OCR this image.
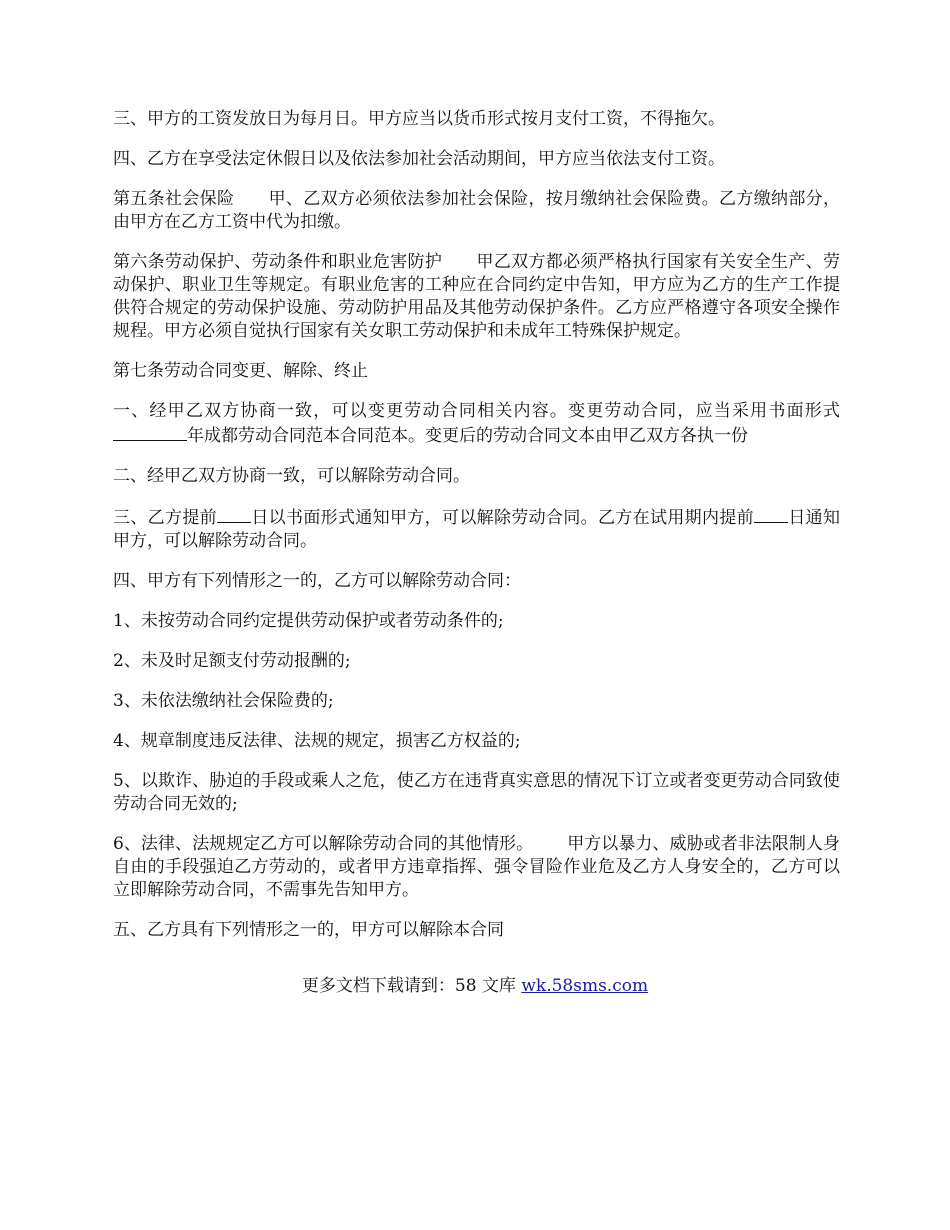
三、甲方的工资发放日为每月日。甲方应当以货币形式按月支付工资，不得拖欠。

四、乙方在享受法定休假日以及依法参加社会活动期间，甲方应当依法支付工资。

第五条社会保险 甲、乙双方必须依法参加社会保险，按月缴纳社会保险费。乙方缴纳部分，由甲方在乙方工资中代为扣缴。

第六条劳动保护、劳动条件和职业危害防护 甲乙双方都必须严格执行国家有关安全生产、劳动保护、职业卫生等规定。有职业危害的工种应在合同约定中告知，甲方应为乙方的生产工作提供符合规定的劳动保护设施、劳动防护用品及其他劳动保护条件。乙方应严格遵守各项安全操作规程。甲方必须自觉执行国家有关女职工劳动保护和未成年工特殊保护规定。

第七条劳动合同变更、解除、终止

一、经甲乙双方协商一致，可以变更劳动合同相关内容。变更劳动合同，应当采用书面形式年成都劳动合同范本合同范本。变更后的劳动合同文本由甲乙双方各执一份

二、经甲乙双方协商一致，可以解除劳动合同。

三、乙方提前 日以书面形式通知甲方，可以解除劳动合同。乙方在试用期内提前 日通知甲方，可以解除劳动合同。

四、甲方有下列情形之一的，乙方可以解除劳动合同：

1、未按劳动合同约定提供劳动保护或者劳动条件的;

2、未及时足额支付劳动报酬的;

3、未依法缴纳社会保险费的;

4、规章制度违反法律、法规的规定，损害乙方权益的;

5、以欺诈、胁迫的手段或乘人之危，使乙方在违背真实意思的情况下订立或者变更劳动合同致使劳动合同无效的;

6、法律、法规规定乙方可以解除劳动合同的其他情形。 甲方以暴力、威胁或者非法限制人身自由的手段强迫乙方劳动的，或者甲方违章指挥、强令冒险作业危及乙方人身安全的，乙方可以立即解除劳动合同，不需事先告知甲方。

五、乙方具有下列情形之一的，甲方可以解除本合同

更多文档下载请到：58 文库 wk.58sms.com
